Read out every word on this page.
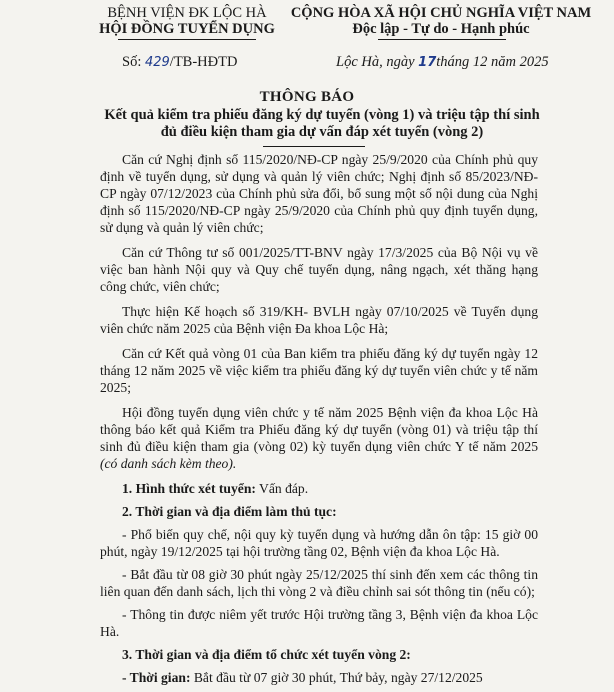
BỆNH VIỆN ĐK LỘC HÀ
HỘI ĐỒNG TUYỂN DỤNG
CỘNG HÒA XÃ HỘI CHỦ NGHĨA VIỆT NAM
Độc lập - Tự do - Hạnh phúc
Số: 429/TB-HĐTD	Lộc Hà, ngày 17tháng 12 năm 2025
THÔNG BÁO
Kết quả kiểm tra phiếu đăng ký dự tuyển (vòng 1) và triệu tập thí sinh đủ điều kiện tham gia dự vấn đáp xét tuyển (vòng 2)

Căn cứ Nghị định số 115/2020/NĐ-CP ngày 25/9/2020 của Chính phủ quy định về tuyển dụng, sử dụng và quản lý viên chức; Nghị định số 85/2023/NĐ-CP ngày 07/12/2023 của Chính phủ sửa đổi, bổ sung một số nội dung của Nghị định số 115/2020/NĐ-CP ngày 25/9/2020 của Chính phủ quy định tuyển dụng, sử dụng và quản lý viên chức;

Căn cứ Thông tư số 001/2025/TT-BNV ngày 17/3/2025 của Bộ Nội vụ về việc ban hành Nội quy và Quy chế tuyển dụng, nâng ngạch, xét thăng hạng công chức, viên chức;

Thực hiện Kế hoạch số 319/KH- BVLH ngày 07/10/2025 về Tuyển dụng viên chức năm 2025 của Bệnh viện Đa khoa Lộc Hà;

Căn cứ Kết quả vòng 01 của Ban kiểm tra phiếu đăng ký dự tuyển ngày 12 tháng 12 năm 2025 về việc kiểm tra phiếu đăng ký dự tuyển viên chức y tế năm 2025;

Hội đồng tuyển dụng viên chức y tế năm 2025 Bệnh viện đa khoa Lộc Hà thông báo kết quả Kiểm tra Phiếu đăng ký dự tuyển (vòng 01) và triệu tập thí sinh đủ điều kiện tham gia (vòng 02) kỳ tuyển dụng viên chức Y tế năm 2025 (có danh sách kèm theo).

1. Hình thức xét tuyển: Vấn đáp.

2. Thời gian và địa điểm làm thủ tục:

- Phổ biến quy chế, nội quy kỳ tuyển dụng và hướng dẫn ôn tập: 15 giờ 00 phút, ngày 19/12/2025 tại hội trường tầng 02, Bệnh viện đa khoa Lộc Hà.

- Bắt đầu từ 08 giờ 30 phút ngày 25/12/2025 thí sinh đến xem các thông tin liên quan đến danh sách, lịch thi vòng 2 và điều chỉnh sai sót thông tin (nếu có);

- Thông tin được niêm yết trước Hội trường tầng 3, Bệnh viện đa khoa Lộc Hà.

3. Thời gian và địa điểm tổ chức xét tuyển vòng 2:

- Thời gian: Bắt đầu từ 07 giờ 30 phút, Thứ bảy, ngày 27/12/2025
